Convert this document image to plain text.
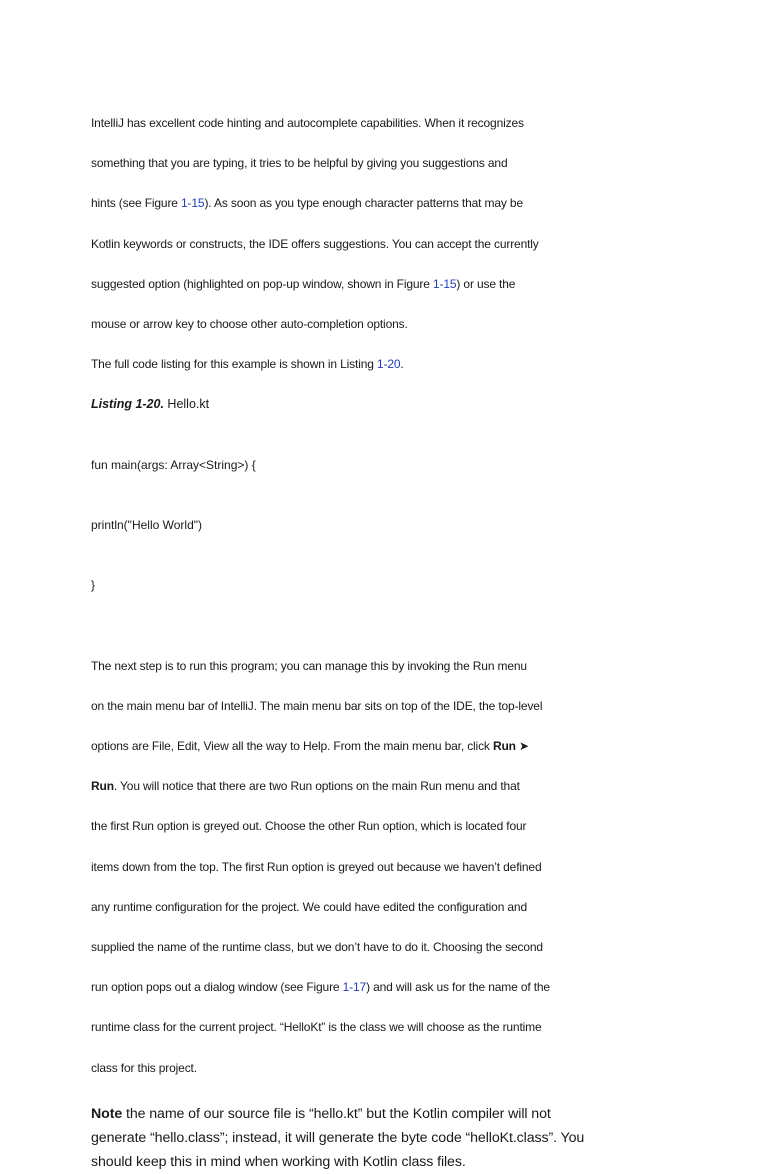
IntelliJ has excellent code hinting and autocomplete capabilities. When it recognizes

something that you are typing, it tries to be helpful by giving you suggestions and

hints (see Figure 1-15). As soon as you type enough character patterns that may be

Kotlin keywords or constructs, the IDE offers suggestions. You can accept the currently

suggested option (highlighted on pop-up window, shown in Figure 1-15) or use the

mouse or arrow key to choose other auto-completion options.

The full code listing for this example is shown in Listing 1-20.

Listing 1-20. Hello.kt

fun main(args: Array<String>) {

println("Hello World")

}

The next step is to run this program; you can manage this by invoking the Run menu

on the main menu bar of IntelliJ. The main menu bar sits on top of the IDE, the top-level

options are File, Edit, View all the way to Help. From the main menu bar, click Run ➤

Run. You will notice that there are two Run options on the main Run menu and that

the first Run option is greyed out. Choose the other Run option, which is located four

items down from the top. The first Run option is greyed out because we haven’t defined

any runtime configuration for the project. We could have edited the configuration and

supplied the name of the runtime class, but we don’t have to do it. Choosing the second

run option pops out a dialog window (see Figure 1-17) and will ask us for the name of the

runtime class for the current project. “HelloKt” is the class we will choose as the runtime

class for this project.

Note the name of our source file is “hello.kt” but the Kotlin compiler will not
generate “hello.class”; instead, it will generate the byte code “helloKt.class”. You
should keep this in mind when working with Kotlin class files.
